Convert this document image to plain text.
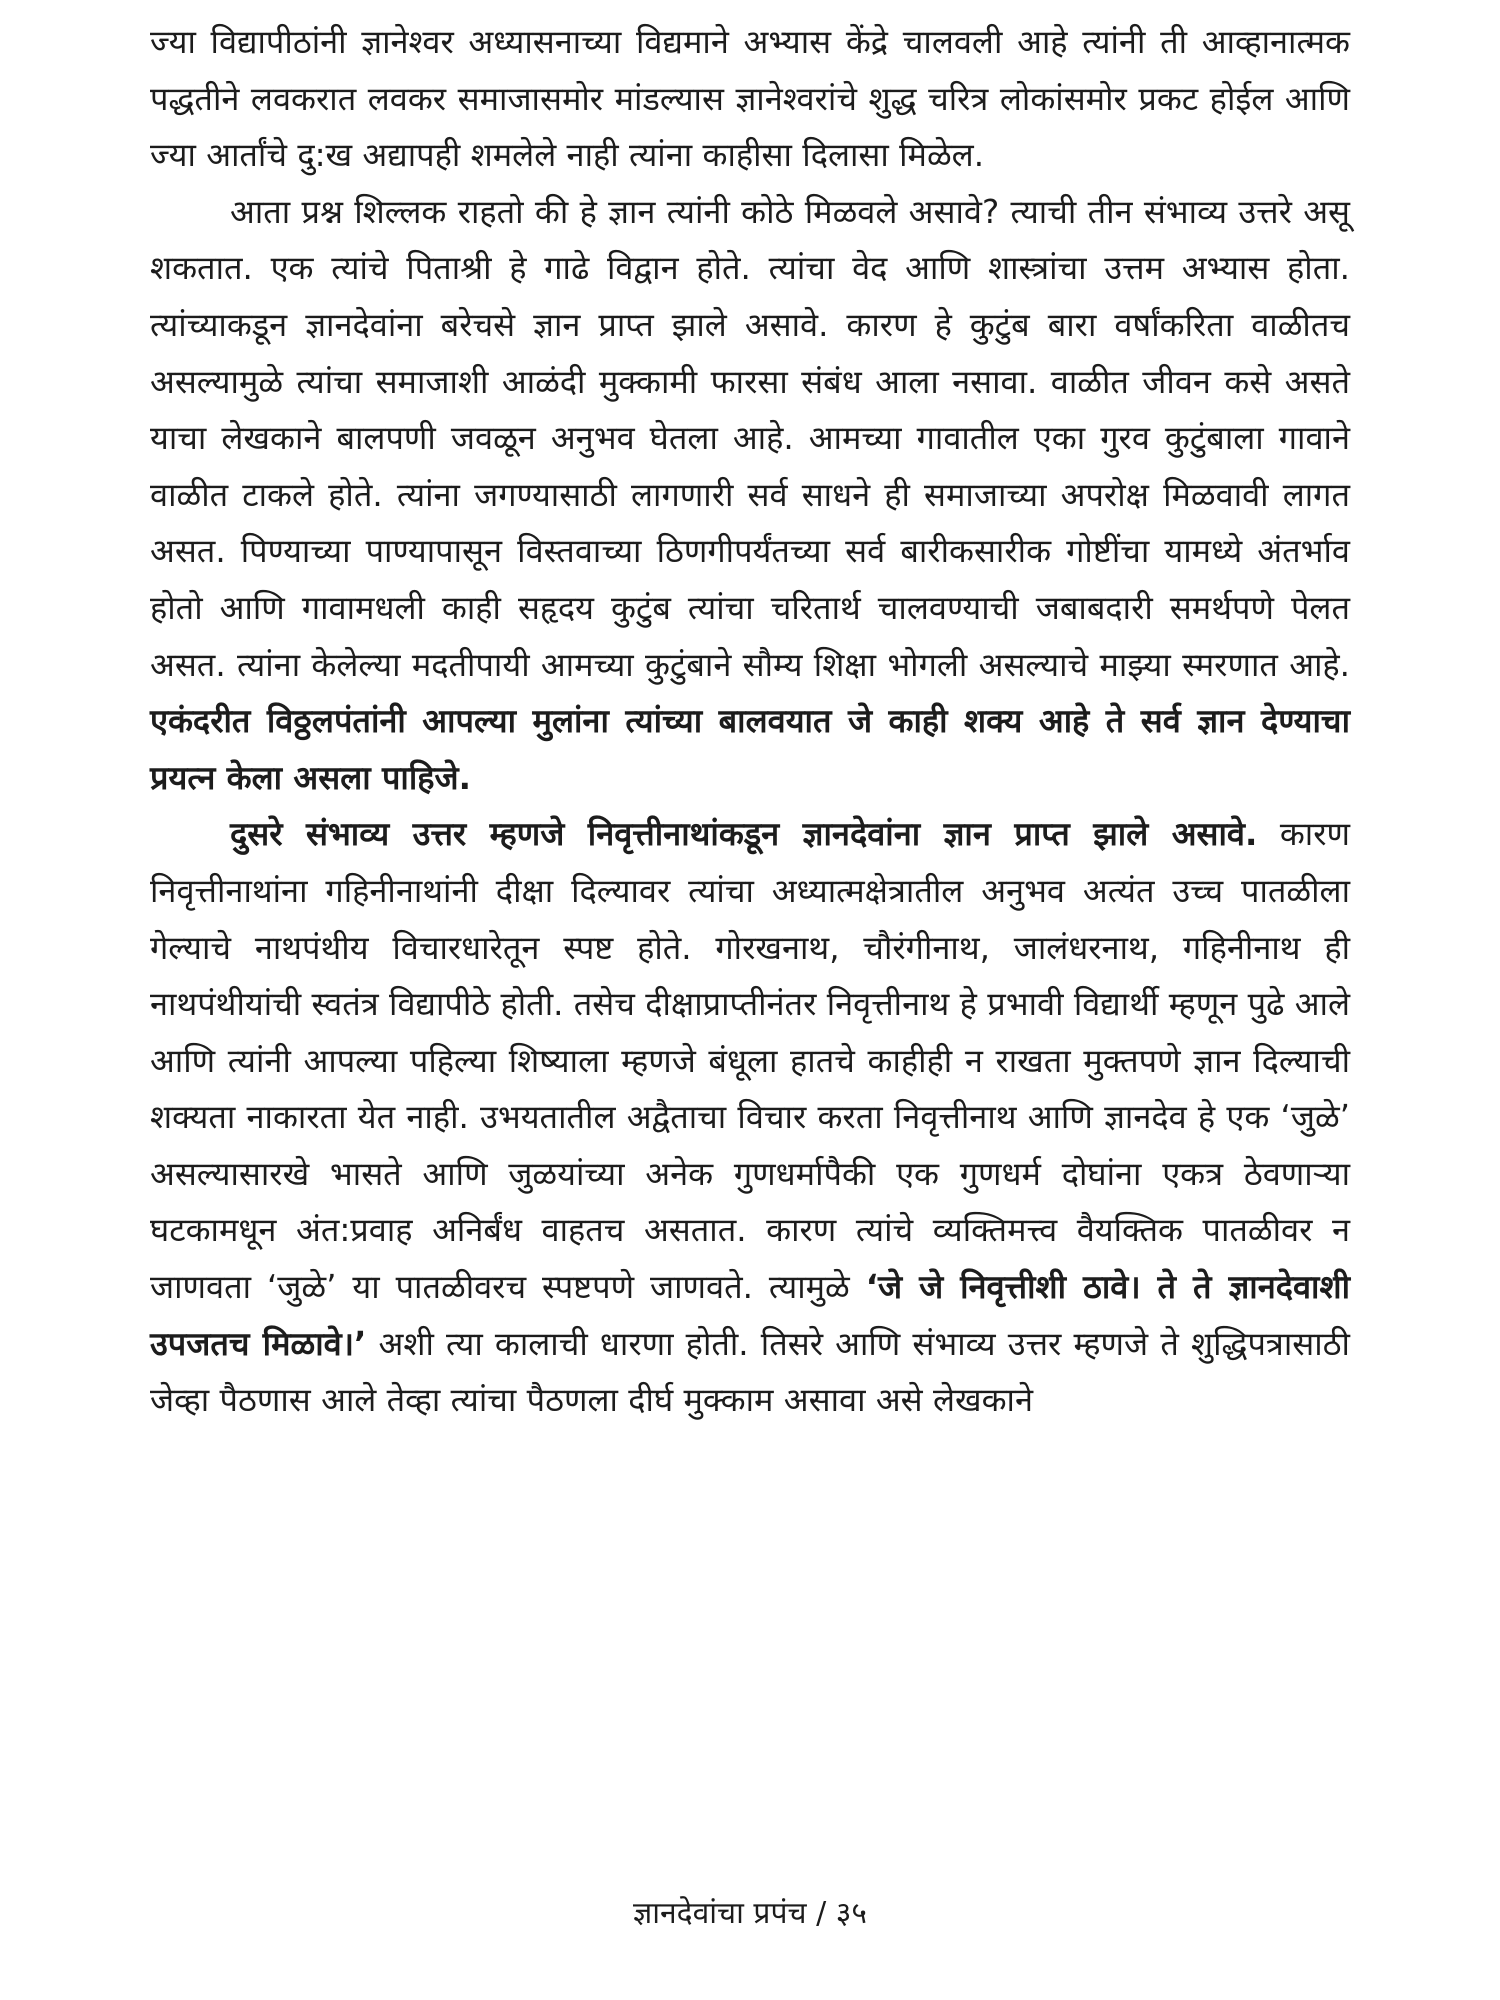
ज्या विद्यापीठांनी ज्ञानेश्वर अध्यासनाच्या विद्यमाने अभ्यास केंद्रे चालवली आहे त्यांनी ती आव्हानात्मक पद्धतीने लवकरात लवकर समाजासमोर मांडल्यास ज्ञानेश्वरांचे शुद्ध चरित्र लोकांसमोर प्रकट होईल आणि ज्या आर्तांचे दु:ख अद्यापही शमलेले नाही त्यांना काहीसा दिलासा मिळेल.

आता प्रश्न शिल्लक राहतो की हे ज्ञान त्यांनी कोठे मिळवले असावे? त्याची तीन संभाव्य उत्तरे असू शकतात. एक त्यांचे पिताश्री हे गाढे विद्वान होते. त्यांचा वेद आणि शास्त्रांचा उत्तम अभ्यास होता. त्यांच्याकडून ज्ञानदेवांना बरेचसे ज्ञान प्राप्त झाले असावे. कारण हे कुटुंब बारा वर्षांकरिता वाळीतच असल्यामुळे त्यांचा समाजाशी आळंदी मुक्कामी फारसा संबंध आला नसावा. वाळीत जीवन कसे असते याचा लेखकाने बालपणी जवळून अनुभव घेतला आहे. आमच्या गावातील एका गुरव कुटुंबाला गावाने वाळीत टाकले होते. त्यांना जगण्यासाठी लागणारी सर्व साधने ही समाजाच्या अपरोक्ष मिळवावी लागत असत. पिण्याच्या पाण्यापासून विस्तवाच्या ठिणगीपर्यंतच्या सर्व बारीकसारीक गोष्टींचा यामध्ये अंतर्भाव होतो आणि गावामधली काही सहृदय कुटुंब त्यांचा चरितार्थ चालवण्याची जबाबदारी समर्थपणे पेलत असत. त्यांना केलेल्या मदतीपायी आमच्या कुटुंबाने सौम्य शिक्षा भोगली असल्याचे माझ्या स्मरणात आहे. एकंदरीत विठ्ठलपंतांनी आपल्या मुलांना त्यांच्या बालवयात जे काही शक्य आहे ते सर्व ज्ञान देण्याचा प्रयत्न केला असला पाहिजे.

दुसरे संभाव्य उत्तर म्हणजे निवृत्तीनाथांकडून ज्ञानदेवांना ज्ञान प्राप्त झाले असावे. कारण निवृत्तीनाथांना गहिनीनाथांनी दीक्षा दिल्यावर त्यांचा अध्यात्मक्षेत्रातील अनुभव अत्यंत उच्च पातळीला गेल्याचे नाथपंथीय विचारधारेतून स्पष्ट होते. गोरखनाथ, चौरंगीनाथ, जालंधरनाथ, गहिनीनाथ ही नाथपंथीयांची स्वतंत्र विद्यापीठे होती. तसेच दीक्षाप्राप्तीनंतर निवृत्तीनाथ हे प्रभावी विद्यार्थी म्हणून पुढे आले आणि त्यांनी आपल्या पहिल्या शिष्याला म्हणजे बंधूला हातचे काहीही न राखता मुक्तपणे ज्ञान दिल्याची शक्यता नाकारता येत नाही. उभयतातील अद्वैताचा विचार करता निवृत्तीनाथ आणि ज्ञानदेव हे एक ‘जुळे’ असल्यासारखे भासते आणि जुळयांच्या अनेक गुणधर्मापैकी एक गुणधर्म दोघांना एकत्र ठेवणाऱ्या घटकामधून अंत:प्रवाह अनिर्बंध वाहतच असतात. कारण त्यांचे व्यक्तिमत्त्व वैयक्तिक पातळीवर न जाणवता ‘जुळे’ या पातळीवरच स्पष्टपणे जाणवते. त्यामुळे ‘जे जे निवृत्तीशी ठावे। ते ते ज्ञानदेवाशी उपजतच मिळावे।’ अशी त्या कालाची धारणा होती. तिसरे आणि संभाव्य उत्तर म्हणजे ते शुद्धिपत्रासाठी जेव्हा पैठणास आले तेव्हा त्यांचा पैठणला दीर्घ मुक्काम असावा असे लेखकाने

ज्ञानदेवांचा प्रपंच / ३५
